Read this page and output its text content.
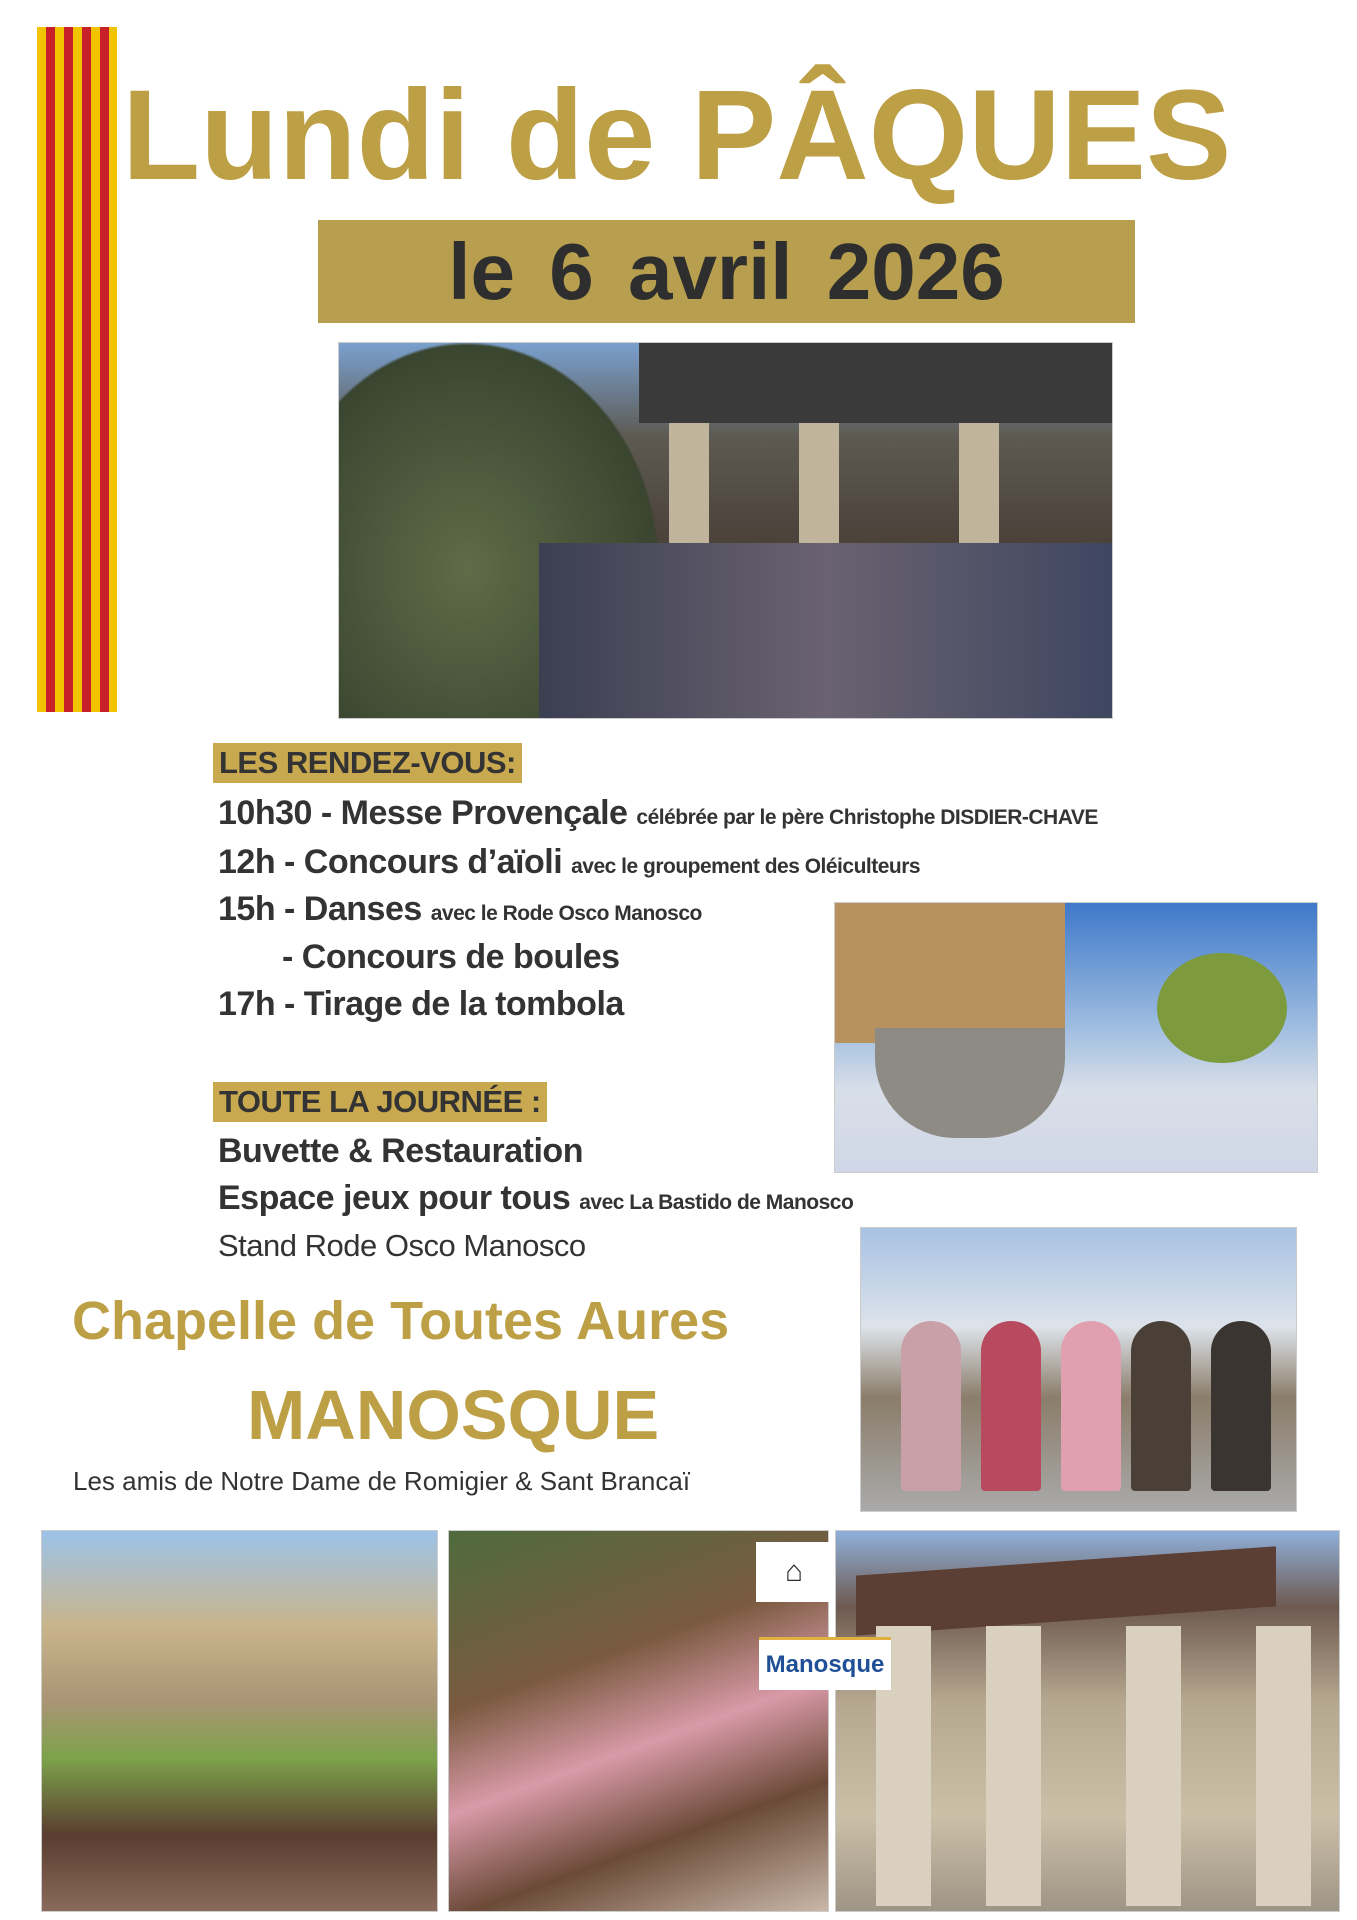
Lundi de PÂQUES
le 6 avril 2026
LES RENDEZ-VOUS:
10h30 - Messe Provençale célébrée par le père Christophe DISDIER-CHAVE
12h - Concours d’aïoli avec le groupement des Oléiculteurs
15h - Danses avec le Rode Osco Manosco
- Concours de boules
17h - Tirage de la tombola
TOUTE LA JOURNÉE :
Buvette & Restauration
Espace jeux pour tous avec La Bastido de Manosco
Stand Rode Osco Manosco
Chapelle de Toutes Aures
MANOSQUE
Les amis de Notre Dame de Romigier & Sant Brancaï
⌂
Manosque
